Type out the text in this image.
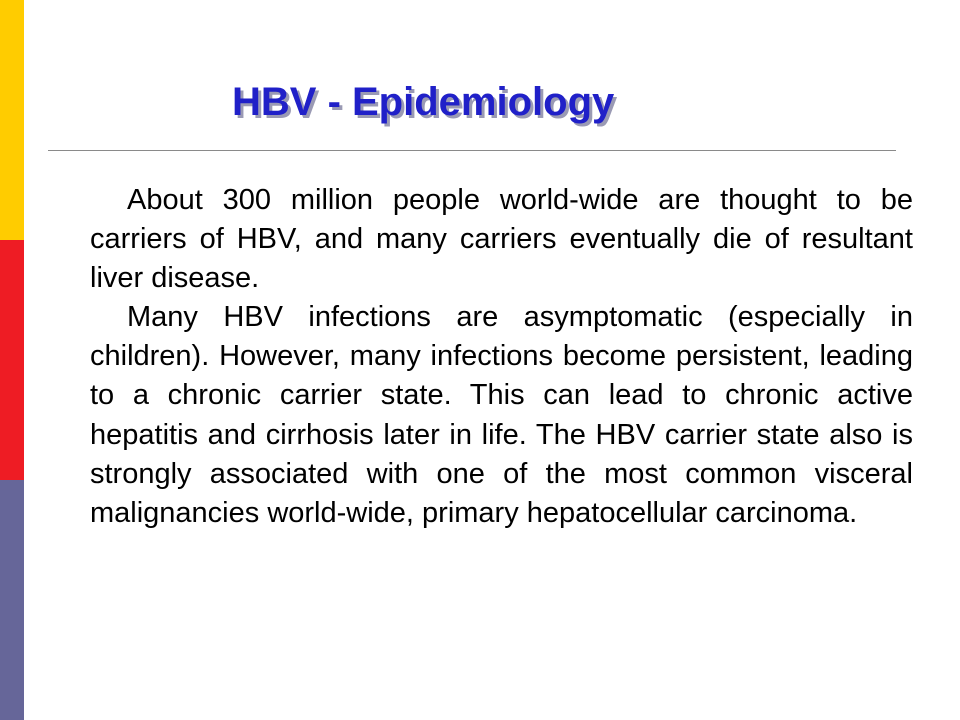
HBV - Epidemiology

About 300 million people world-wide are thought to be carriers of HBV, and many carriers eventually die of resultant liver disease.

Many HBV infections are asymptomatic (especially in children). However, many infections become persistent, leading to a chronic carrier state. This can lead to chronic active hepatitis and cirrhosis later in life. The HBV carrier state also is strongly associated with one of the most common visceral malignancies world-wide, primary hepatocellular carcinoma.
